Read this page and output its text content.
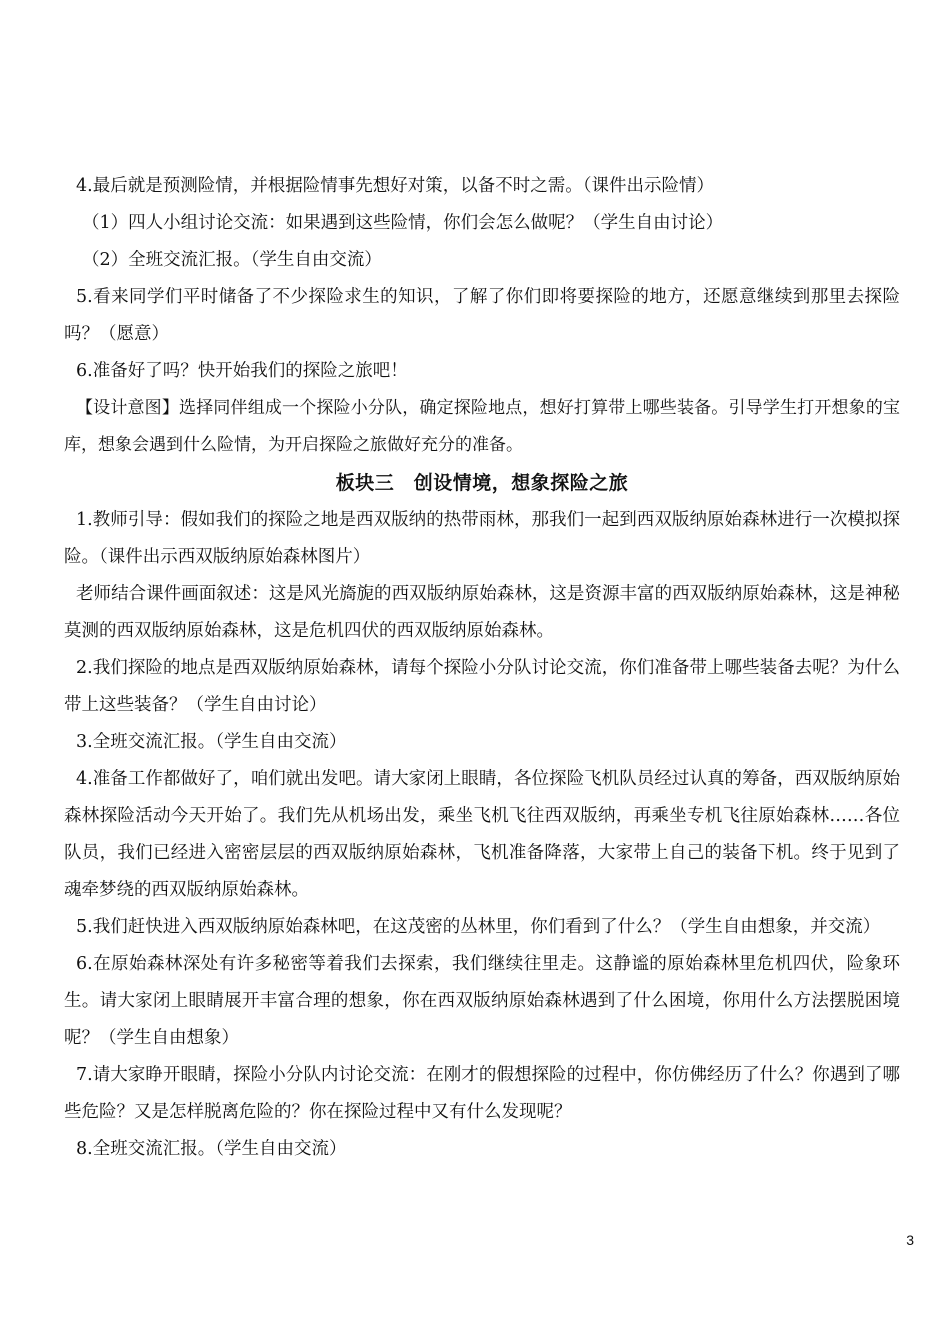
4.最后就是预测险情，并根据险情事先想好对策，以备不时之需。（课件出示险情）

（1）四人小组讨论交流：如果遇到这些险情，你们会怎么做呢？（学生自由讨论）

（2）全班交流汇报。（学生自由交流）

5.看来同学们平时储备了不少探险求生的知识，了解了你们即将要探险的地方，还愿意继续到那里去探险吗？（愿意）

6.准备好了吗？快开始我们的探险之旅吧！

【设计意图】选择同伴组成一个探险小分队，确定探险地点，想好打算带上哪些装备。引导学生打开想象的宝库，想象会遇到什么险情，为开启探险之旅做好充分的准备。

板块三　创设情境，想象探险之旅

1.教师引导：假如我们的探险之地是西双版纳的热带雨林，那我们一起到西双版纳原始森林进行一次模拟探险。（课件出示西双版纳原始森林图片）

老师结合课件画面叙述：这是风光旖旎的西双版纳原始森林，这是资源丰富的西双版纳原始森林，这是神秘莫测的西双版纳原始森林，这是危机四伏的西双版纳原始森林。

2.我们探险的地点是西双版纳原始森林，请每个探险小分队讨论交流，你们准备带上哪些装备去呢？为什么带上这些装备？（学生自由讨论）

3.全班交流汇报。（学生自由交流）

4.准备工作都做好了，咱们就出发吧。请大家闭上眼睛，各位探险飞机队员经过认真的筹备，西双版纳原始森林探险活动今天开始了。我们先从机场出发，乘坐飞机飞往西双版纳，再乘坐专机飞往原始森林……各位队员，我们已经进入密密层层的西双版纳原始森林，飞机准备降落，大家带上自己的装备下机。终于见到了魂牵梦绕的西双版纳原始森林。

5.我们赶快进入西双版纳原始森林吧，在这茂密的丛林里，你们看到了什么？（学生自由想象，并交流）

6.在原始森林深处有许多秘密等着我们去探索，我们继续往里走。这静谧的原始森林里危机四伏，险象环生。请大家闭上眼睛展开丰富合理的想象，你在西双版纳原始森林遇到了什么困境，你用什么方法摆脱困境呢？（学生自由想象）

7.请大家睁开眼睛，探险小分队内讨论交流：在刚才的假想探险的过程中，你仿佛经历了什么？你遇到了哪些危险？又是怎样脱离危险的？你在探险过程中又有什么发现呢？

8.全班交流汇报。（学生自由交流）

3
